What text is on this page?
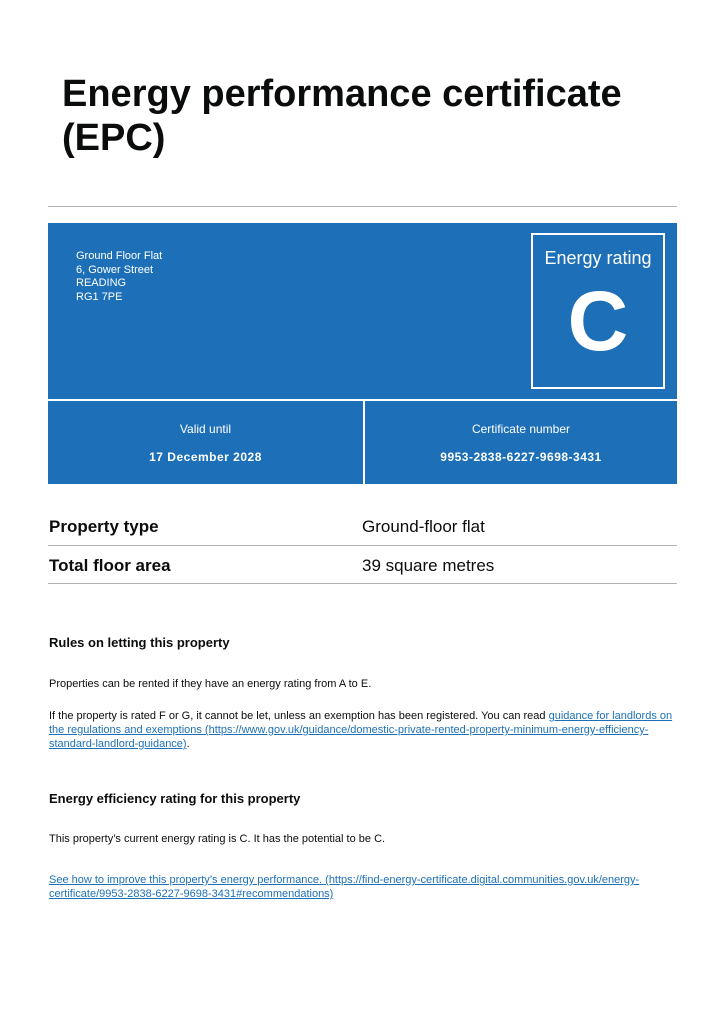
Energy performance certificate (EPC)
Ground Floor Flat
6, Gower Street
READING
RG1 7PE
Energy rating
C
Valid until
17 December 2028
Certificate number
9953-2838-6227-9698-3431
Property type	Ground-floor flat
Total floor area	39 square metres
Rules on letting this property

Properties can be rented if they have an energy rating from A to E.

If the property is rated F or G, it cannot be let, unless an exemption has been registered. You can read guidance for landlords on the regulations and exemptions (https://www.gov.uk/guidance/domestic-private-rented-property-minimum-energy-efficiency-standard-landlord-guidance).

Energy efficiency rating for this property

This property’s current energy rating is C. It has the potential to be C.

See how to improve this property’s energy performance. (https://find-energy-certificate.digital.communities.gov.uk/energy-certificate/9953-2838-6227-9698-3431#recommendations)
